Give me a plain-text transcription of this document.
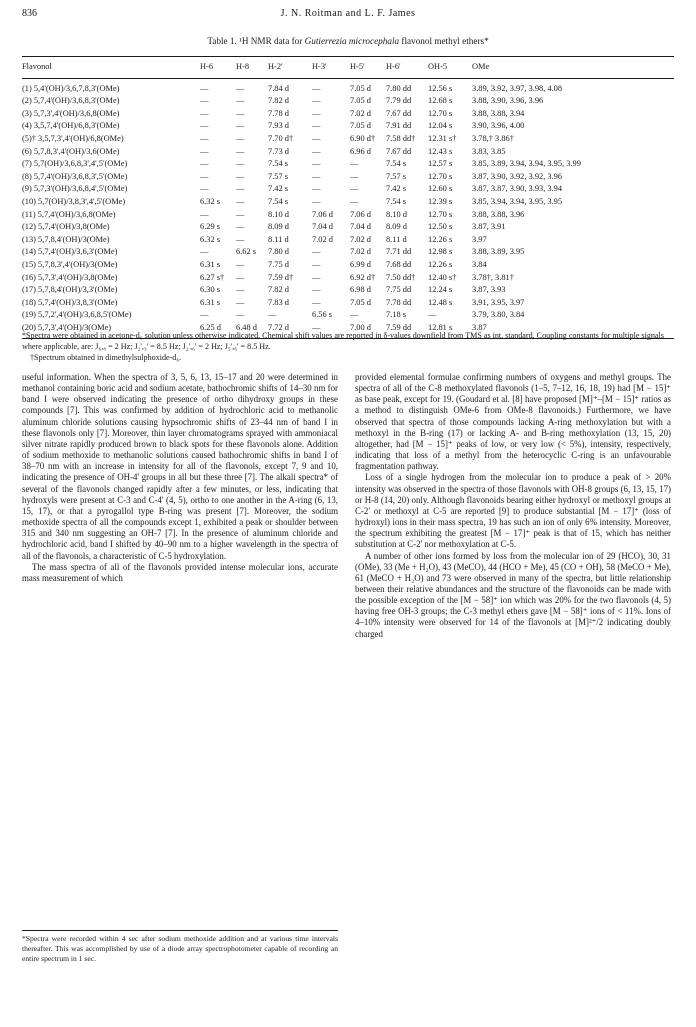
836	J. N. Roitman and L. F. James
Table 1. ¹H NMR data for Gutierrezia microcephala flavonol methyl ethers*
Flavonol	H-6	H-8	H-2'	H-3'	H-5'	H-6'	OH-5	OMe
(1) 5,4'(OH)/3,6,7,8,3'(OMe)	—	—	7.84 d	—	7.05 d	7.80 dd	12.56 s	3.89, 3.92, 3.97, 3.98, 4.08
(2) 5,7,4'(OH)/3,6,8,3'(OMe)	—	—	7.82 d	—	7.05 d	7.79 dd	12.68 s	3.88, 3.90, 3.96, 3.96
(3) 5,7,3',4'(OH)/3,6,8(OMe)	—	—	7.78 d	—	7.02 d	7.67 dd	12.70 s	3.88, 3.88, 3.94
(4) 3,5,7,4'(OH)/6,8,3'(OMe)	—	—	7.93 d	—	7.05 d	7.91 dd	12.04 s	3.90, 3.96, 4.00
(5)† 3,5,7,3',4'(OH)/6,8(OMe)	—	—	7.70 d†	—	6.90 d†	7.58 dd†	12.31 s†	3.78,† 3.86†
(6) 5,7,8,3',4'(OH)/3,6(OMe)	—	—	7.73 d	—	6.96 d	7.67 dd	12.43 s	3.83, 3.85
(7) 5,7(OH)/3,6,8,3',4',5'(OMe)	—	—	7.54 s	—	—	7.54 s	12.57 s	3.85, 3.89, 3.94, 3.94, 3.95, 3.99
(8) 5,7,4'(OH)/3,6,8,3',5'(OMe)	—	—	7.57 s	—	—	7.57 s	12.70 s	3.87, 3.90, 3.92, 3.92, 3.96
(9) 5,7,3'(OH)/3,6,8,4',5'(OMe)	—	—	7.42 s	—	—	7.42 s	12.60 s	3.87, 3.87, 3.90, 3.93, 3.94
(10) 5,7(OH)/3,8,3',4',5'(OMe)	6.32 s	—	7.54 s	—	—	7.54 s	12.39 s	3.85, 3.94, 3.94, 3.95, 3.95
(11) 5,7,4'(OH)/3,6,8(OMe)	—	—	8.10 d	7.06 d	7.06 d	8.10 d	12.70 s	3.88, 3.88, 3.96
(12) 5,7,4'(OH)/3,8(OMe)	6.29 s	—	8.09 d	7.04 d	7.04 d	8.09 d	12.50 s	3.87, 3.91
(13) 5,7,8,4'(OH)/3(OMe)	6.32 s	—	8.11 d	7.02 d	7.02 d	8.11 d	12.26 s	3.97
(14) 5,7,4'(OH)/3,6,3'(OMe)	—	6.62 s	7.80 d	—	7.02 d	7.71 dd	12.98 s	3.88, 3.89, 3.95
(15) 5,7,8,3',4'(OH)/3(OMe)	6.31 s	—	7.75 d	—	6.99 d	7.68 dd	12.26 s	3.84
(16) 5,7,3',4'(OH)/3,8(OMe)	6.27 s†	—	7.59 d†	—	6.92 d†	7.50 dd†	12.40 s†	3.78†, 3.81†
(17) 5,7,8,4'(OH)/3,3'(OMe)	6.30 s	—	7.82 d	—	6.98 d	7.75 dd	12.24 s	3.87, 3.93
(18) 5,7,4'(OH)/3,8,3'(OMe)	6.31 s	—	7.83 d	—	7.05 d	7.78 dd	12.48 s	3.91, 3.95, 3.97
(19) 5,7,2',4'(OH)/3,6,8,5'(OMe)	—	—	—	6.56 s	—	7.18 s	—	3.79, 3.80, 3.84
(20) 5,7,3',4'(OH)/3(OMe)	6.25 d	6.48 d	7.72 d	—	7.00 d	7.59 dd	12.81 s	3.87

*Spectra were obtained in acetone-d₆ solution unless otherwise indicated. Chemical shift values are reported in δ-values downfield from TMS as int. standard. Coupling constants for multiple signals where applicable, are: J₆,₈ = 2 Hz; J₂',₃' = 8.5 Hz; J₂',₆' = 2 Hz; J₅',₆' = 8.5 Hz.

†Spectrum obtained in dimethylsulphoxide-d₆.

useful information. When the spectra of 3, 5, 6, 13, 15–17 and 20 were determined in methanol containing boric acid and sodium acetate, bathochromic shifts of 14–30 nm for band I were observed indicating the presence of ortho dihydroxy groups in these compounds [7]. This was confirmed by addition of hydrochloric acid to methanolic aluminum chloride solutions causing hypsochromic shifts of 23–44 nm of band I in these flavonols only [7]. Moreover, thin layer chromatograms sprayed with ammoniacal silver nitrate rapidly produced brown to black spots for these flavonols alone. Addition of sodium methoxide to methanolic solutions caused bathochromic shifts in band I of 38–70 nm with an increase in intensity for all of the flavonols, except 7, 9 and 10, indicating the presence of OH-4' groups in all but these three [7]. The alkali spectra* of several of the flavonols changed rapidly after a few minutes, or less, indicating that hydroxyls were present at C-3 and C-4' (4, 5), ortho to one another in the A-ring (6, 13, 15, 17), or that a pyrogallol type B-ring was present [7]. Moreover, the sodium methoxide spectra of all the compounds except 1, exhibited a peak or shoulder between 315 and 340 nm suggesting an OH-7 [7]. In the presence of aluminum chloride and hydrochloric acid, band I shifted by 40–90 nm to a higher wavelength in the spectra of all of the flavonols, a characteristic of C-5 hydroxylation.

The mass spectra of all of the flavonols provided intense molecular ions, accurate mass measurement of which

*Spectra were recorded within 4 sec after sodium methoxide addition and at various time intervals thereafter. This was accomplished by use of a diode array spectrophotometer capable of recording an entire spectrum in 1 sec.

provided elemental formulae confirming numbers of oxygens and methyl groups. The spectra of all of the C-8 methoxylated flavonols (1–5, 7–12, 16, 18, 19) had [M − 15]⁺ as base peak, except for 19. (Goudard et al. [8] have proposed [M]⁺–[M − 15]⁺ ratios as a method to distinguish OMe-6 from OMe-8 flavonoids.) Furthermore, we have observed that spectra of those compounds lacking A-ring methoxylation but with a methoxyl in the B-ring (17) or lacking A- and B-ring methoxylation (13, 15, 20) altogether, had [M − 15]⁺ peaks of low, or very low (< 5%), intensity, respectively, indicating that loss of a methyl from the heterocyclic C-ring is an unfavourable fragmentation pathway.

Loss of a single hydrogen from the molecular ion to produce a peak of > 20% intensity was observed in the spectra of those flavonols with OH-8 groups (6, 13, 15, 17) or H-8 (14, 20) only. Although flavonoids bearing either hydroxyl or methoxyl groups at C-2' or methoxyl at C-5 are reported [9] to produce substantial [M − 17]⁺ (loss of hydroxyl) ions in their mass spectra, 19 has such an ion of only 6% intensity. Moreover, the spectrum exhibiting the greatest [M − 17]⁺ peak is that of 15, which has neither substitution at C-2' nor methoxylation at C-5.

A number of other ions formed by loss from the molecular ion of 29 (HCO), 30, 31 (OMe), 33 (Me + H₂O), 43 (MeCO), 44 (HCO + Me), 45 (CO + OH), 58 (MeCO + Me), 61 (MeCO + H₂O) and 73 were observed in many of the spectra, but little relationship between their relative abundances and the structure of the flavonoids can be made with the possible exception of the [M − 58]⁺ ion which was 20% for the two flavonols (4, 5) having free OH-3 groups; the C-3 methyl ethers gave [M − 58]⁺ ions of < 11%. Ions of 4–10% intensity were observed for 14 of the flavonols at [M]²⁺/2 indicating doubly charged
